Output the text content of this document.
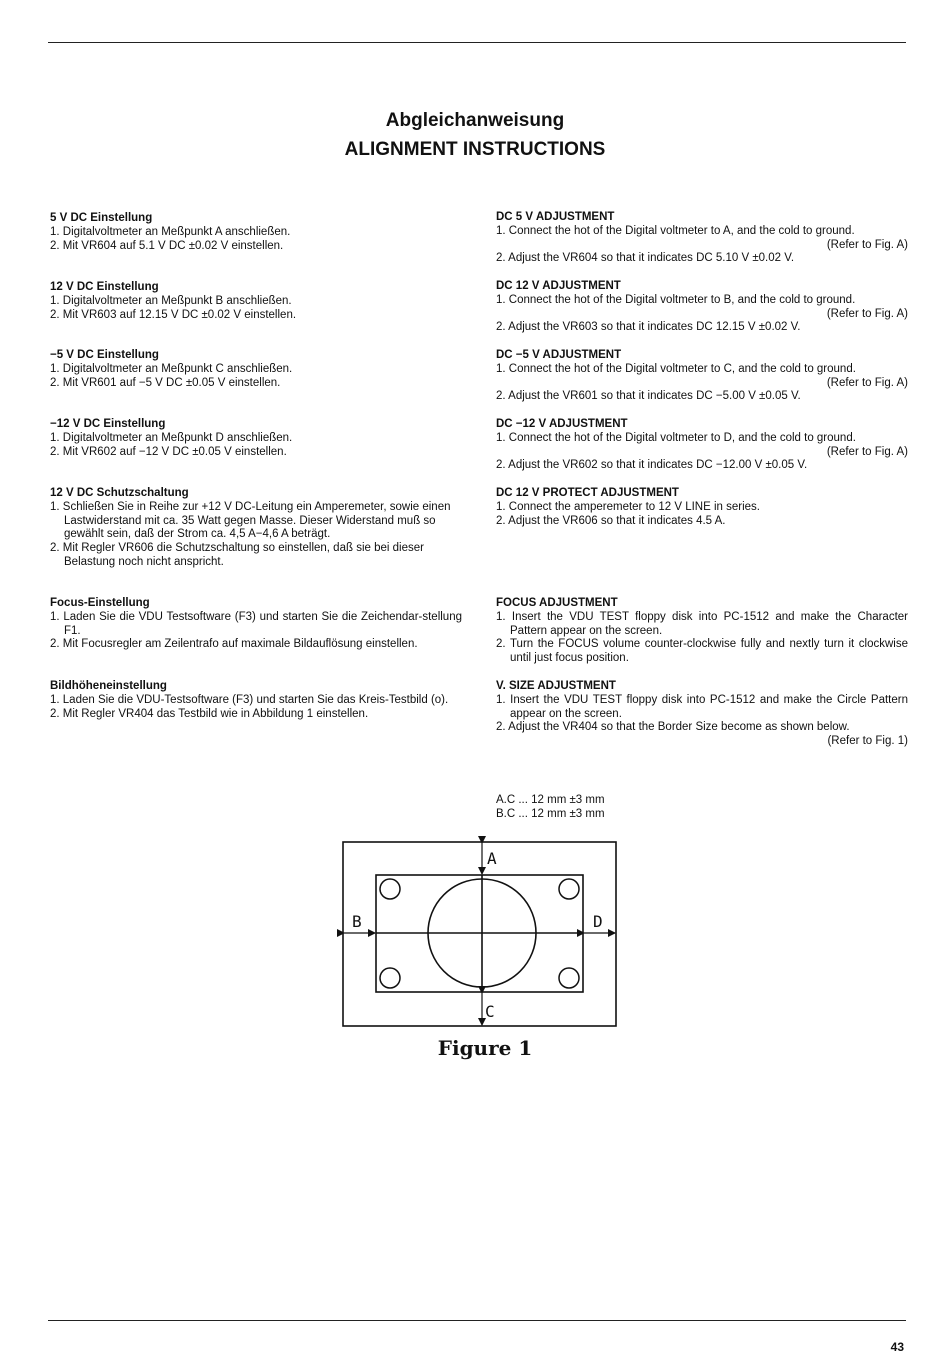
Abgleichanweisung
ALIGNMENT INSTRUCTIONS

5 V DC Einstellung

1. Digitalvoltmeter an Meßpunkt A anschließen.

2. Mit VR604 auf 5.1 V DC ±0.02 V einstellen.

12 V DC Einstellung

1. Digitalvoltmeter an Meßpunkt B anschließen.

2. Mit VR603 auf 12.15 V DC ±0.02 V einstellen.

−5 V DC Einstellung

1. Digitalvoltmeter an Meßpunkt C anschließen.

2. Mit VR601 auf −5 V DC ±0.05 V einstellen.

−12 V DC Einstellung

1. Digitalvoltmeter an Meßpunkt D anschließen.

2. Mit VR602 auf −12 V DC ±0.05 V einstellen.

12 V DC Schutzschaltung

1. Schließen Sie in Reihe zur +12 V DC-Leitung ein Amperemeter, sowie einen Lastwiderstand mit ca. 35 Watt gegen Masse. Dieser Widerstand muß so gewählt sein, daß der Strom ca. 4,5 A−4,6 A beträgt.

2. Mit Regler VR606 die Schutzschaltung so einstellen, daß sie bei dieser Belastung noch nicht anspricht.

Focus-Einstellung

1. Laden Sie die VDU Testsoftware (F3) und starten Sie die Zeichendar-stellung F1.

2. Mit Focusregler am Zeilentrafo auf maximale Bildauflösung einstellen.

Bildhöheneinstellung

1. Laden Sie die VDU-Testsoftware (F3) und starten Sie das Kreis-Testbild (o).

2. Mit Regler VR404 das Testbild wie in Abbildung 1 einstellen.

DC 5 V ADJUSTMENT

1. Connect the hot of the Digital voltmeter to A, and the cold to ground.

(Refer to Fig. A)

2. Adjust the VR604 so that it indicates DC 5.10 V ±0.02 V.

DC 12 V ADJUSTMENT

1. Connect the hot of the Digital voltmeter to B, and the cold to ground.

(Refer to Fig. A)

2. Adjust the VR603 so that it indicates DC 12.15 V ±0.02 V.

DC −5 V ADJUSTMENT

1. Connect the hot of the Digital voltmeter to C, and the cold to ground.

(Refer to Fig. A)

2. Adjust the VR601 so that it indicates DC −5.00 V ±0.05 V.

DC −12 V ADJUSTMENT

1. Connect the hot of the Digital voltmeter to D, and the cold to ground.

(Refer to Fig. A)

2. Adjust the VR602 so that it indicates DC −12.00 V ±0.05 V.

DC 12 V PROTECT ADJUSTMENT

1. Connect the amperemeter to 12 V LINE in series.

2. Adjust the VR606 so that it indicates 4.5 A.

FOCUS ADJUSTMENT

1. Insert the VDU TEST floppy disk into PC-1512 and make the Character Pattern appear on the screen.

2. Turn the FOCUS volume counter-clockwise fully and nextly turn it clockwise until just focus position.

V. SIZE ADJUSTMENT

1. Insert the VDU TEST floppy disk into PC-1512 and make the Circle Pattern appear on the screen.

2. Adjust the VR404 so that the Border Size become as shown below.

(Refer to Fig. 1)

A.C ... 12 mm ±3 mm

B.C ... 12 mm ±3 mm

A
B
C
D
Figure 1
43
